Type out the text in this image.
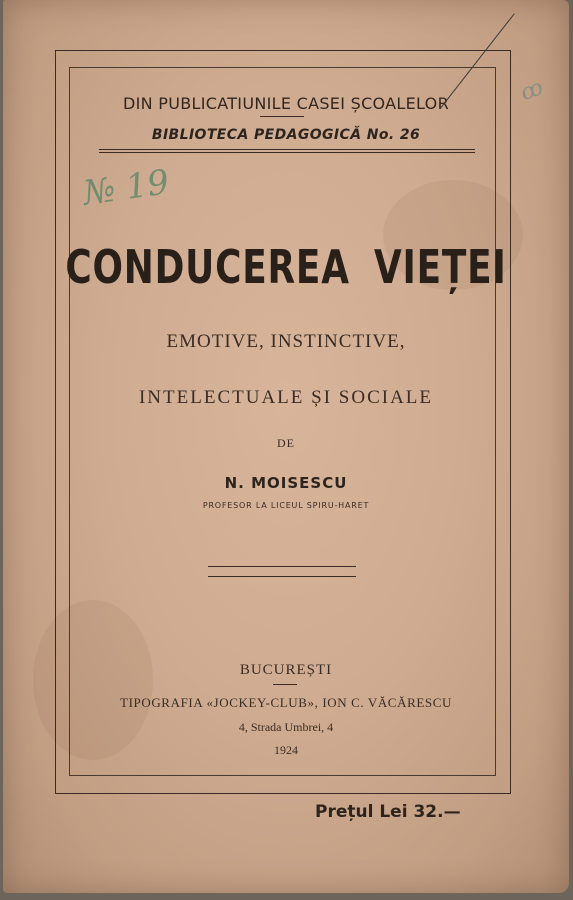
DIN PUBLICATIUNILE CASEI ȘCOALELOR
BIBLIOTECA PEDAGOGICĂ No. 26
№ 19
ꝏ
CONDUCEREA VIEȚEI
EMOTIVE, INSTINCTIVE,
INTELECTUALE ȘI SOCIALE
DE
N. MOISESCU
PROFESOR LA LICEUL SPIRU-HARET
BUCUREȘTI
TIPOGRAFIA «JOCKEY-CLUB», ION C. VĂCĂRESCU
4, Strada Umbrei, 4
1924
Prețul Lei 32.—
